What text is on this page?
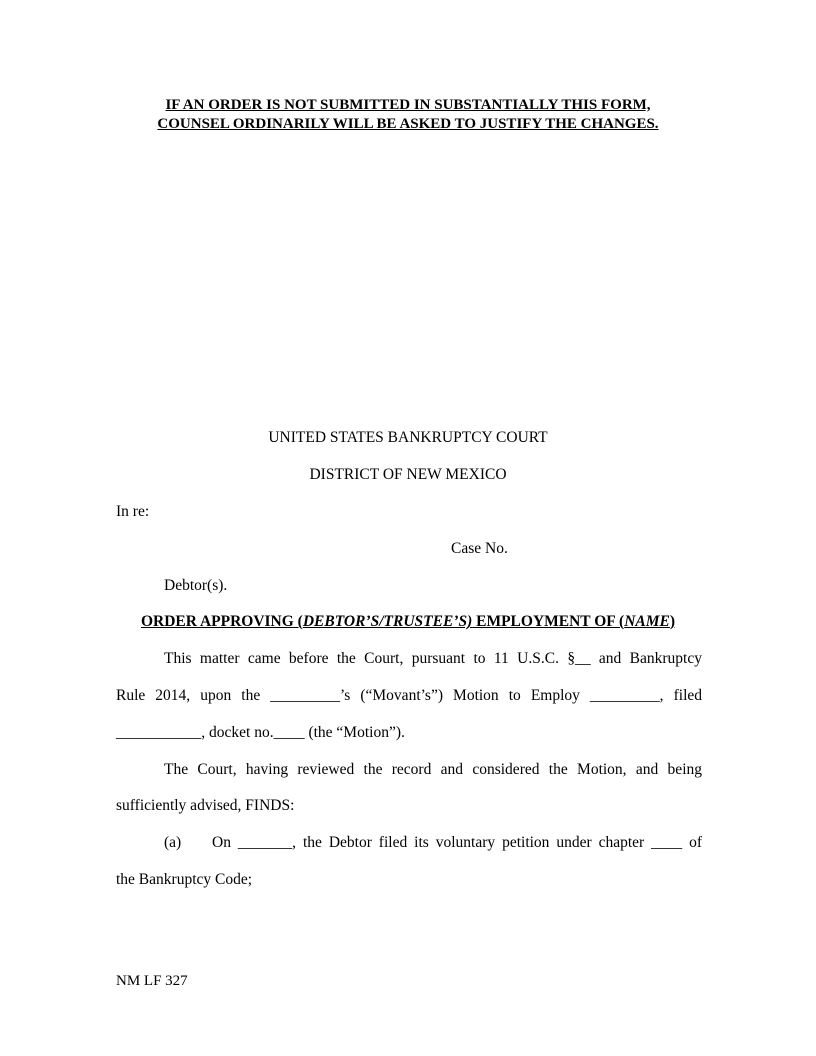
IF AN ORDER IS NOT SUBMITTED IN SUBSTANTIALLY THIS FORM,
COUNSEL ORDINARILY WILL BE ASKED TO JUSTIFY THE CHANGES.
UNITED STATES BANKRUPTCY COURT
DISTRICT OF NEW MEXICO
In re:
Case No.
Debtor(s).
ORDER APPROVING (DEBTOR’S/TRUSTEE’S) EMPLOYMENT OF (NAME)
This matter came before the Court, pursuant to 11 U.S.C. §__ and Bankruptcy
Rule 2014, upon the _________’s (“Movant’s”) Motion to Employ _________, filed
___________, docket no.____ (the “Motion”).
The Court, having reviewed the record and considered the Motion, and being
sufficiently advised, FINDS:
(a) On _______, the Debtor filed its voluntary petition under chapter ____ of
the Bankruptcy Code;
NM LF 327
